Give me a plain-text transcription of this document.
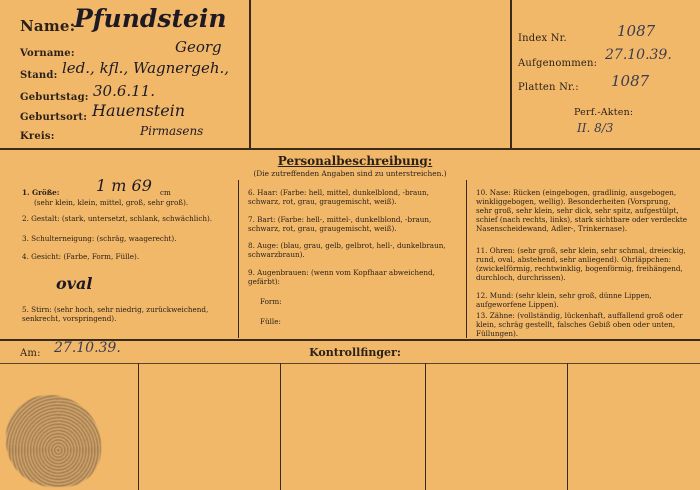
Name:
Pfundstein
Vorname:	Georg
Stand: led., kfl., Wagnergeh.,
Geburtstag: 30.6.11.
Geburtsort: Hauenstein
Kreis:	Pirmasens
Index Nr.	1087
Aufgenommen:
27.10.39.
Platten Nr.: 1087
Perf.-Akten:
II. 8/3
Personalbeschreibung:
(Die zutreffenden Angaben sind zu unterstreichen.)
1. Größe: 1 m 69 cm
(sehr klein, klein, mittel, groß, sehr groß).
2. Gestalt: (stark, untersetzt, schlank, schwächlich).
3. Schulterneigung: (schräg, waagerecht).
4. Gesicht: (Farbe, Form, Fülle).
oval
5. Stirn: (sehr hoch, sehr niedrig, zurückweichend, senkrecht, vorspringend).
6. Haar: (Farbe: hell, mittel, dunkelblond, -braun, schwarz, rot, grau, graugemischt, weiß).
7. Bart: (Farbe: hell-, mittel-, dunkelblond, -braun, schwarz, rot, grau, graugemischt, weiß).
8. Auge: (blau, grau, gelb, gelbrot, hell-, dunkelbraun, schwarzbraun).
9. Augenbrauen: (wenn vom Kopfhaar abweichend, gefärbt):
Form:
Fülle:
10. Nase: Rücken (eingebogen, gradlinig, ausgebogen, winkliggebogen, wellig). Besonderheiten (Vorsprung, sehr groß, sehr klein, sehr dick, sehr spitz, aufgestülpt, schief (nach rechts, links), stark sichtbare oder verdeckte Nasenscheidewand, Adler-, Trinkernase).
11. Ohren: (sehr groß, sehr klein, sehr schmal, dreieckig, rund, oval, abstehend, sehr anliegend). Ohrläppchen: (zwickelförmig, rechtwinklig, bogenförmig, freihängend, durchloch, durchrissen).
12. Mund: (sehr klein, sehr groß, dünne Lippen, aufgeworfene Lippen).
13. Zähne: (vollständig, lückenhaft, auffallend groß oder klein, schräg gestellt, falsches Gebiß oben oder unten, Füllungen).
Am: 27.10.39.	Kontrollfinger:
